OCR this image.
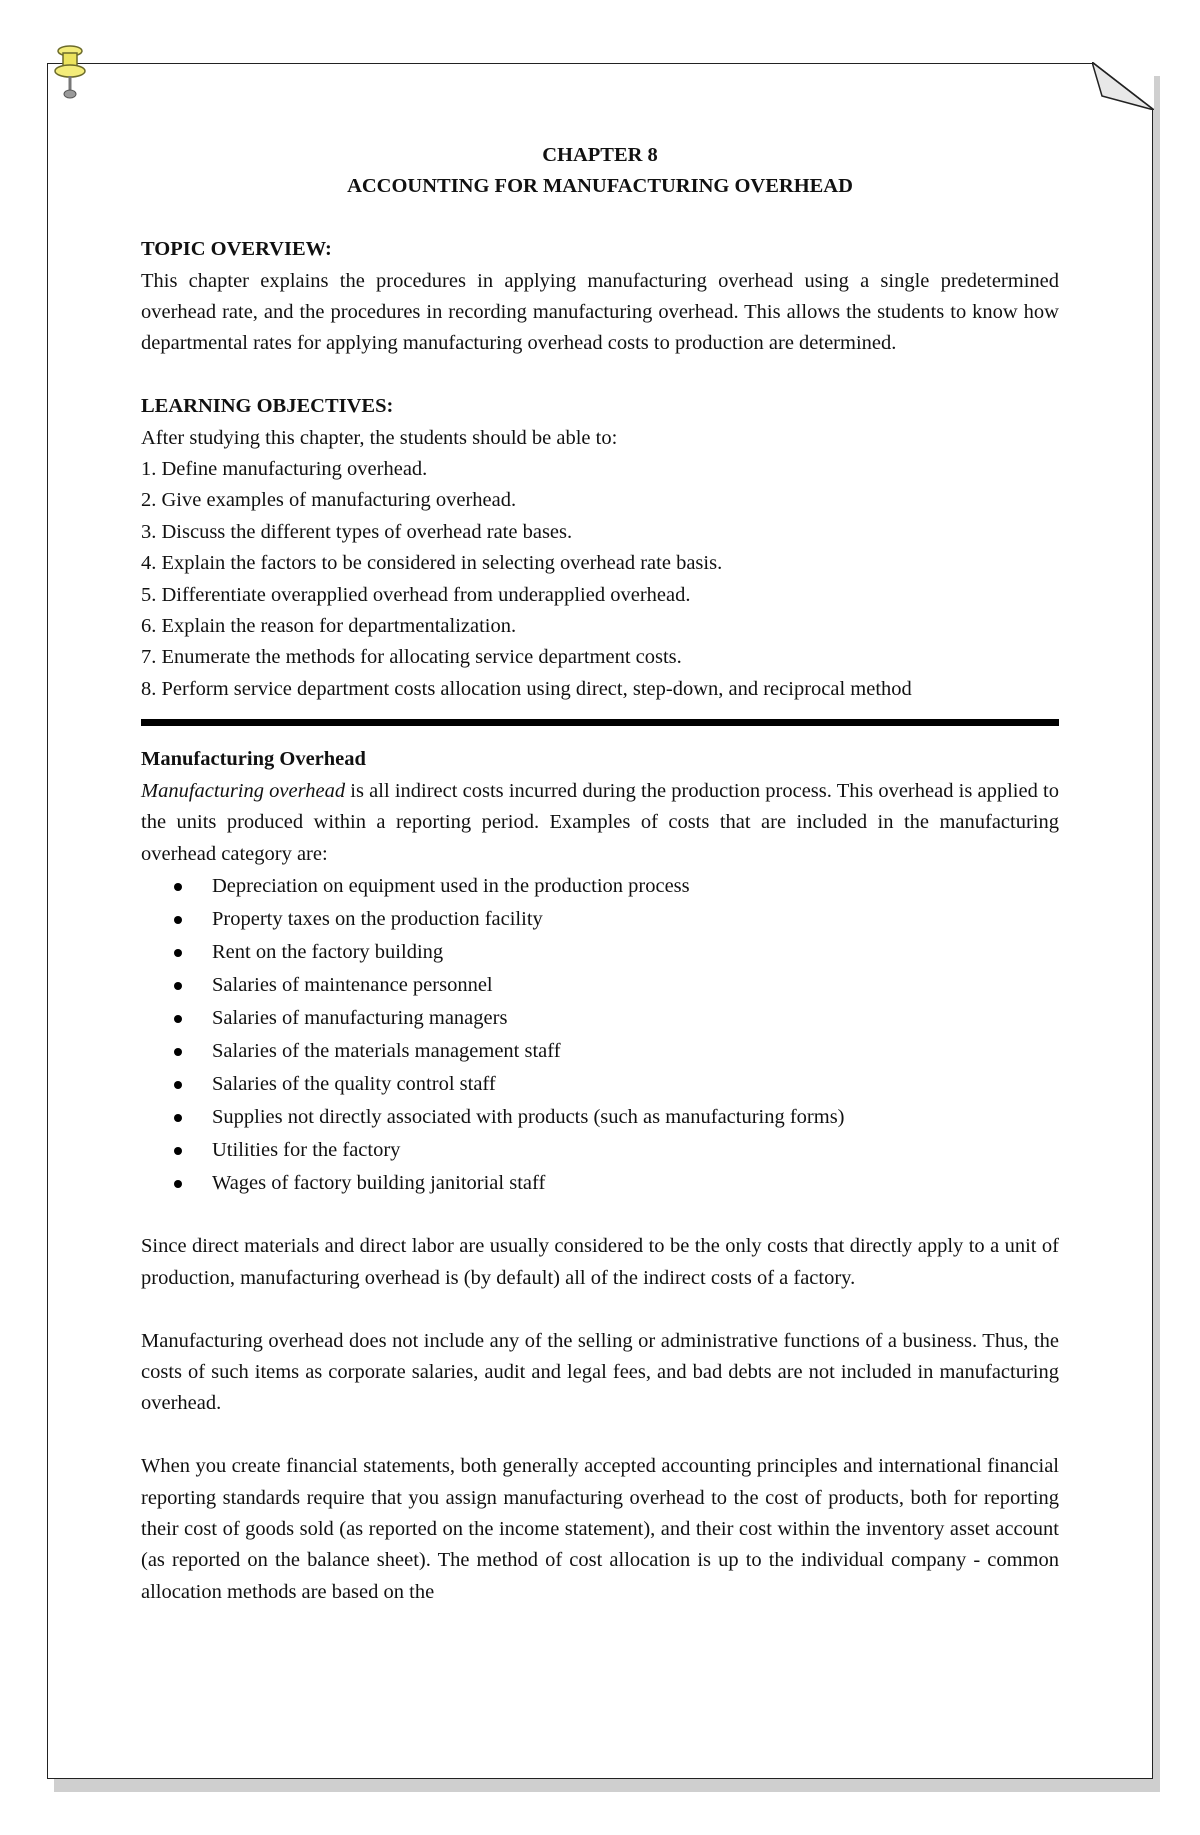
CHAPTER 8

ACCOUNTING FOR MANUFACTURING OVERHEAD

TOPIC OVERVIEW:

This chapter explains the procedures in applying manufacturing overhead using a single predetermined overhead rate, and the procedures in recording manufacturing overhead. This allows the students to know how departmental rates for applying manufacturing overhead costs to production are determined.

LEARNING OBJECTIVES:

After studying this chapter, the students should be able to:

1. Define manufacturing overhead.
2. Give examples of manufacturing overhead.
3. Discuss the different types of overhead rate bases.
4. Explain the factors to be considered in selecting overhead rate basis.
5. Differentiate overapplied overhead from underapplied overhead.
6. Explain the reason for departmentalization.
7. Enumerate the methods for allocating service department costs.
8. Perform service department costs allocation using direct, step-down, and reciprocal method

Manufacturing Overhead

Manufacturing overhead is all indirect costs incurred during the production process. This overhead is applied to the units produced within a reporting period. Examples of costs that are included in the manufacturing overhead category are:

Depreciation on equipment used in the production process
Property taxes on the production facility
Rent on the factory building
Salaries of maintenance personnel
Salaries of manufacturing managers
Salaries of the materials management staff
Salaries of the quality control staff
Supplies not directly associated with products (such as manufacturing forms)
Utilities for the factory
Wages of factory building janitorial staff

Since direct materials and direct labor are usually considered to be the only costs that directly apply to a unit of production, manufacturing overhead is (by default) all of the indirect costs of a factory.

Manufacturing overhead does not include any of the selling or administrative functions of a business. Thus, the costs of such items as corporate salaries, audit and legal fees, and bad debts are not included in manufacturing overhead.

When you create financial statements, both generally accepted accounting principles and international financial reporting standards require that you assign manufacturing overhead to the cost of products, both for reporting their cost of goods sold (as reported on the income statement), and their cost within the inventory asset account (as reported on the balance sheet). The method of cost allocation is up to the individual company - common allocation methods are based on the
